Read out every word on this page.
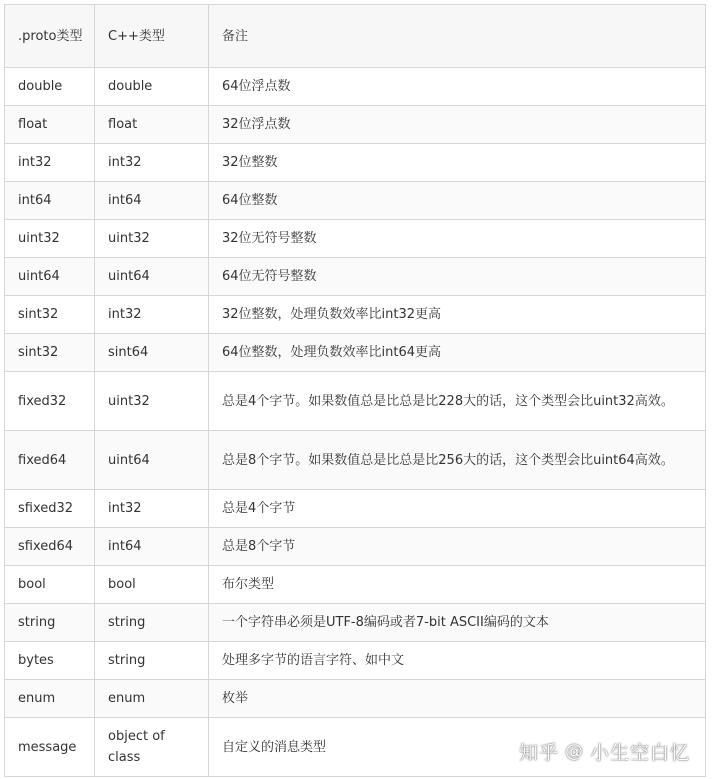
.proto类型	C++类型	备注
double	double	64位浮点数
float	float	32位浮点数
int32	int32	32位整数
int64	int64	64位整数
uint32	uint32	32位无符号整数
uint64	uint64	64位无符号整数
sint32	int32	32位整数，处理负数效率比int32更高
sint32	sint64	64位整数，处理负数效率比int64更高
fixed32	uint32	总是4个字节。如果数值总是比总是比228大的话，这个类型会比uint32高效。
fixed64	uint64	总是8个字节。如果数值总是比总是比256大的话，这个类型会比uint64高效。
sfixed32	int32	总是4个字节
sfixed64	int64	总是8个字节
bool	bool	布尔类型
string	string	一个字符串必须是UTF-8编码或者7-bit ASCII编码的文本
bytes	string	处理多字节的语言字符、如中文
enum	enum	枚举
message	object of class	自定义的消息类型	知乎 @ 小生空白忆
